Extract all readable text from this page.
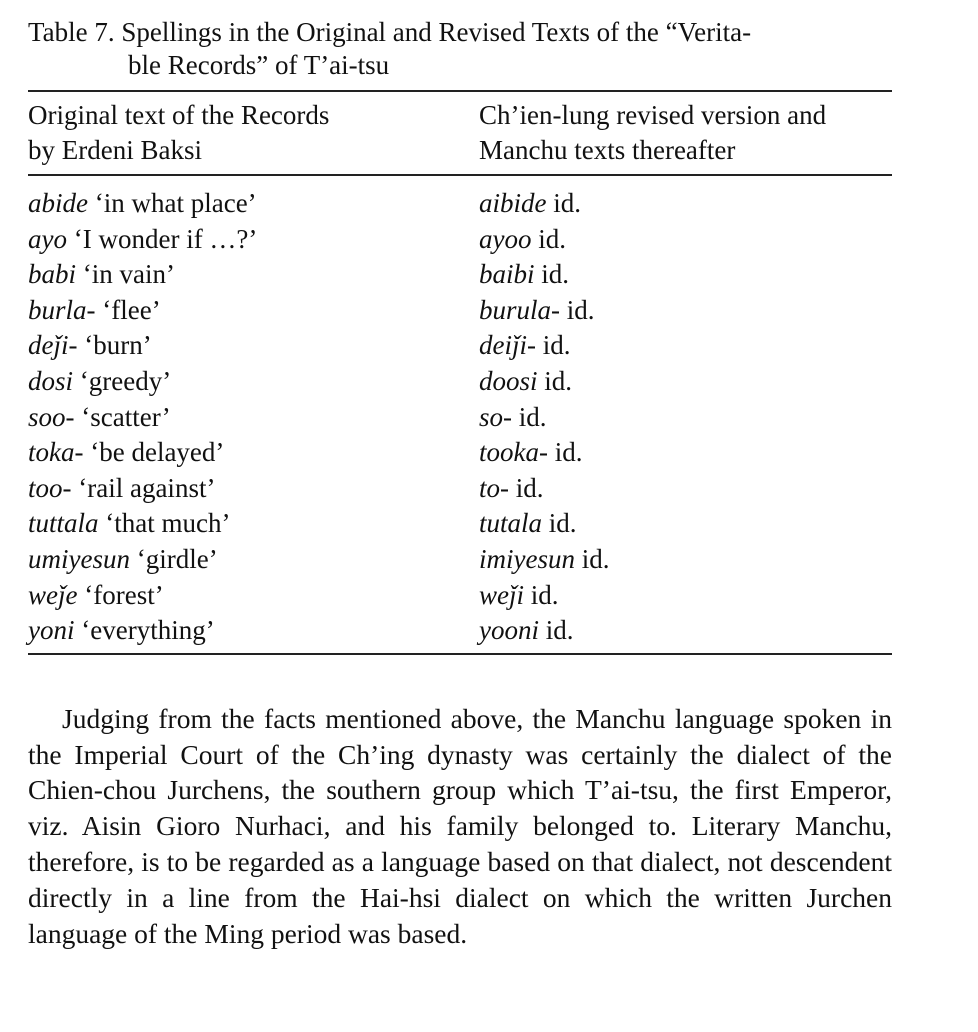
Table 7. Spellings in the Original and Revised Texts of the “Verita-
ble Records” of T’ai-tsu

Original text of the Records
by Erdeni Baksi	Ch’ien-lung revised version and
Manchu texts thereafter
abide ‘in what place’	aibide id.
ayo ‘I wonder if …?’	ayoo id.
babi ‘in vain’	baibi id.
burla- ‘flee’	burula- id.
deǰi- ‘burn’	deiǰi- id.
dosi ‘greedy’	doosi id.
soo- ‘scatter’	so- id.
toka- ‘be delayed’	tooka- id.
too- ‘rail against’	to- id.
tuttala ‘that much’	tutala id.
umiyesun ‘girdle’	imiyesun id.
weǰe ‘forest’	weǰi id.
yoni ‘everything’	yooni id.

Judging from the facts mentioned above, the Manchu language spoken in the Imperial Court of the Ch’ing dynasty was certainly the dialect of the Chien-chou Jurchens, the southern group which T’ai-tsu, the first Emperor, viz. Aisin Gioro Nurhaci, and his family belonged to. Literary Manchu, therefore, is to be regarded as a language based on that dialect, not descendent directly in a line from the Hai-hsi dialect on which the written Jurchen language of the Ming period was based.
